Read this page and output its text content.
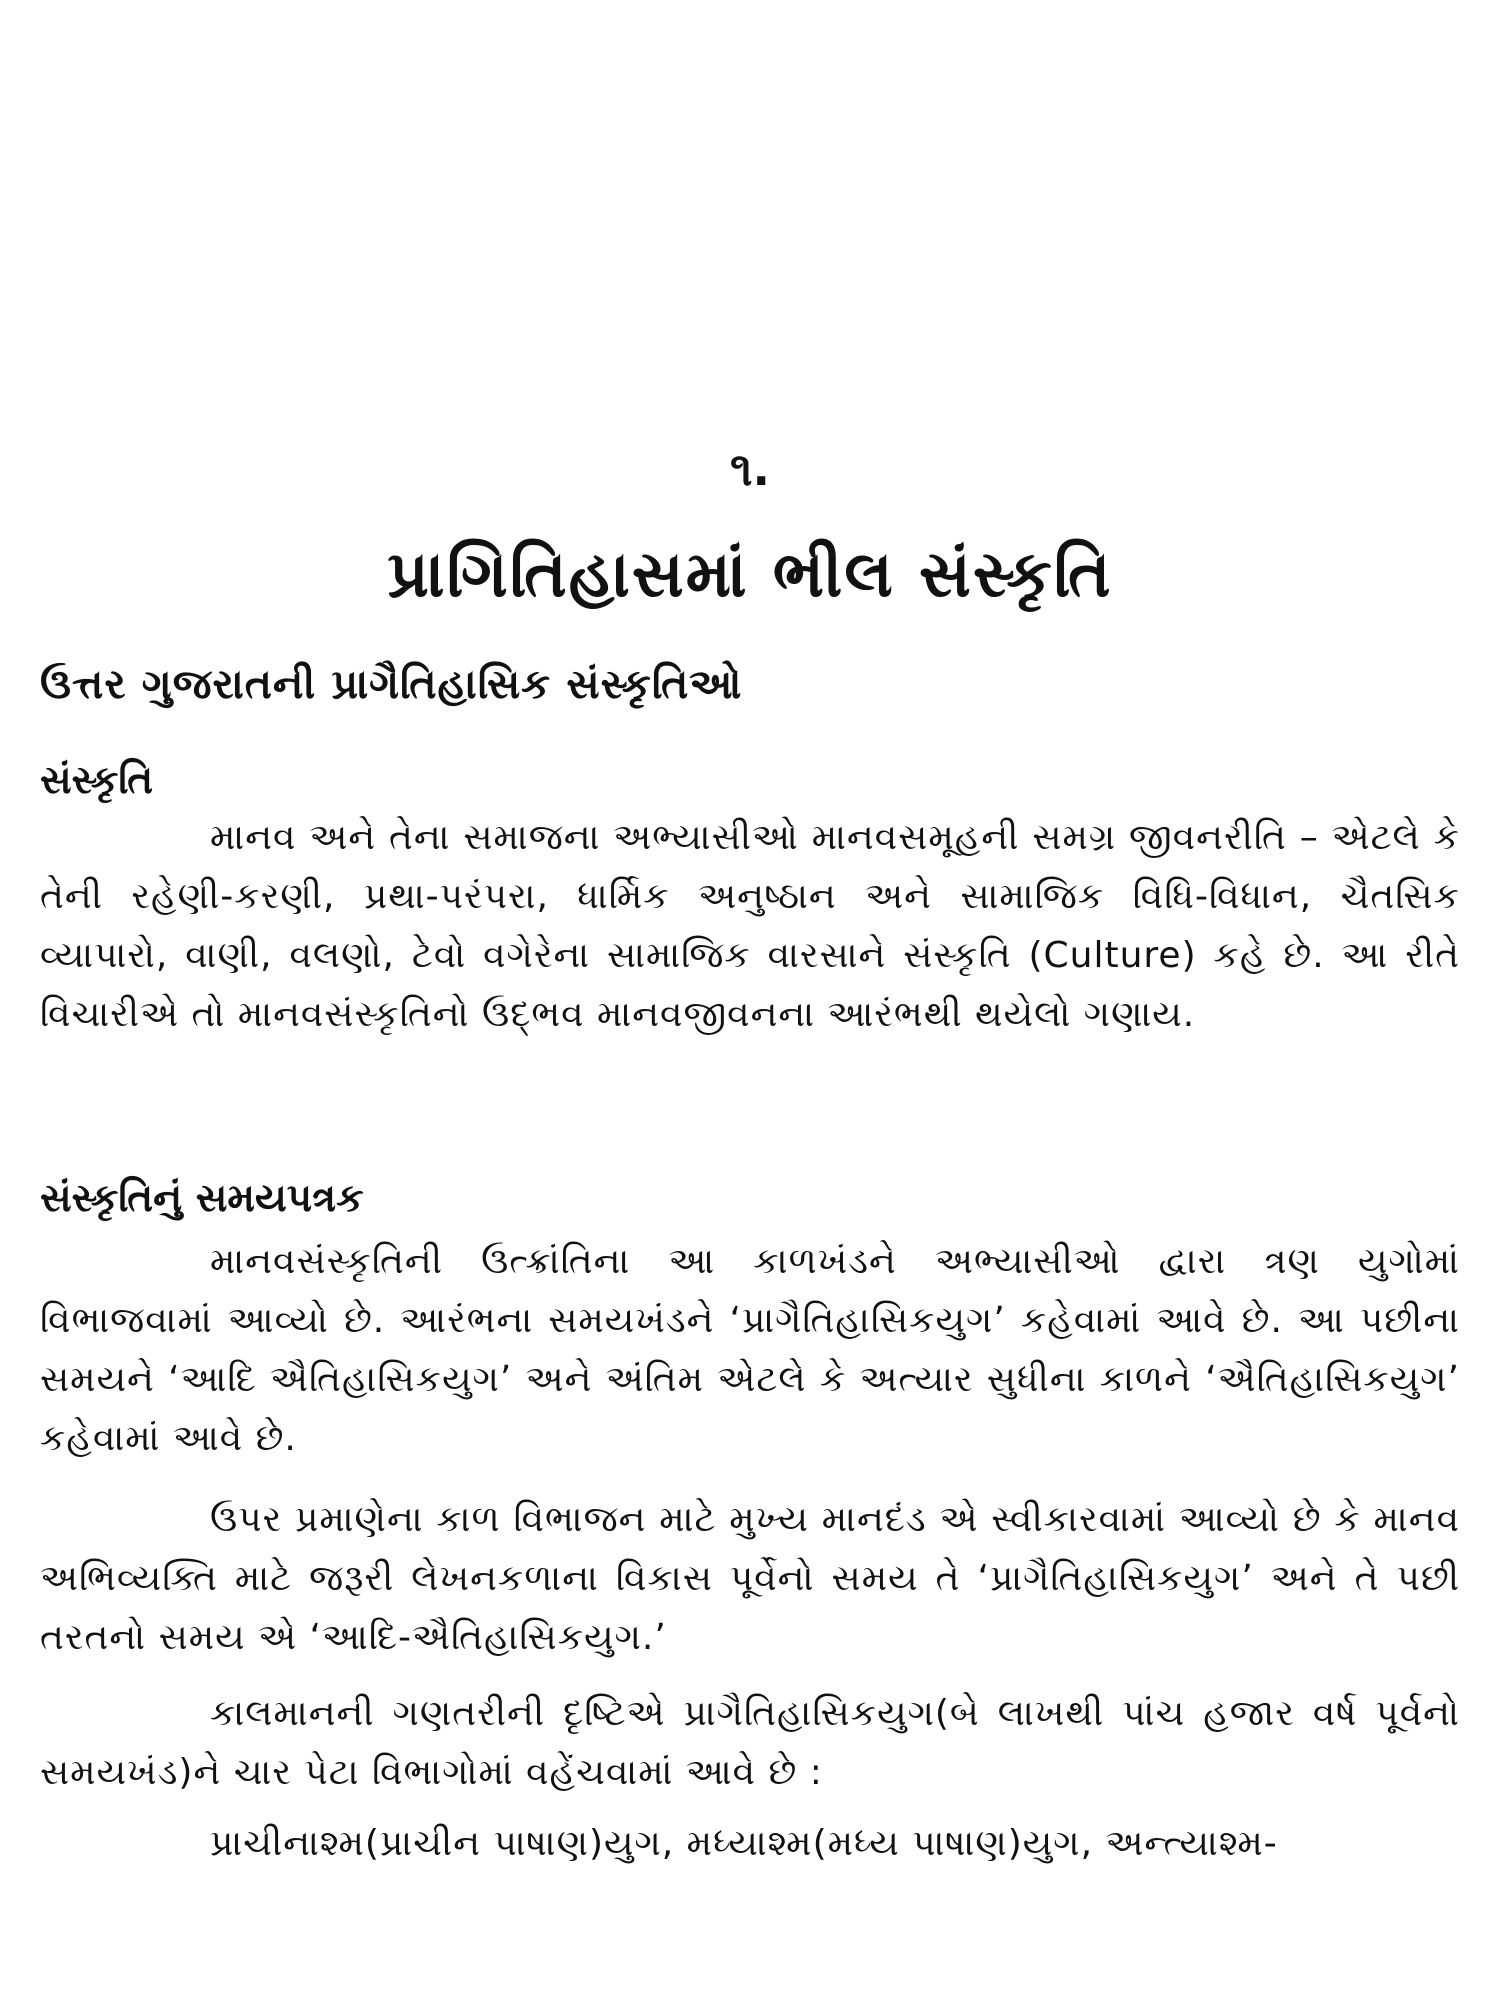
૧.
પ્રાગિતિહાસમાં ભીલ સંસ્કૃતિ
ઉત્તર ગુજરાતની પ્રાગૈતિહાસિક સંસ્કૃતિઓ
સંસ્કૃતિ

માનવ અને તેના સમાજના અભ્યાસીઓ માનવસમૂહની સમગ્ર જીવનરીતિ – એટલે કે તેની રહેણી-કરણી, પ્રથા-પરંપરા, ધાર્મિક અનુષ્ઠાન અને સામાજિક વિધિ-વિધાન, ચૈતસિક વ્યાપારો, વાણી, વલણો, ટેવો વગેરેના સામાજિક વારસાને સંસ્કૃતિ (Culture) કહે છે. આ રીતે વિચારીએ તો માનવસંસ્કૃતિનો ઉદ્‌ભવ માનવજીવનના આરંભથી થયેલો ગણાય.

સંસ્કૃતિનું સમયપત્રક

માનવસંસ્કૃતિની ઉત્ક્રાંતિના આ કાળખંડને અભ્યાસીઓ દ્વારા ત્રણ યુગોમાં વિભાજવામાં આવ્યો છે. આરંભના સમયખંડને ‘પ્રાગૈતિહાસિકયુગ’ કહેવામાં આવે છે. આ પછીના સમયને ‘આદિ ઐતિહાસિકયુગ’ અને અંતિમ એટલે કે અત્યાર સુધીના કાળને ‘ઐતિહાસિકયુગ’ કહેવામાં આવે છે.

ઉપર પ્રમાણેના કાળ વિભાજન માટે મુખ્ય માનદંડ એ સ્વીકારવામાં આવ્યો છે કે માનવ અભિવ્યક્તિ માટે જરૂરી લેખનકળાના વિકાસ પૂર્વેનો સમય તે ‘પ્રાગૈતિહાસિકયુગ’ અને તે પછી તરતનો સમય એ ‘આદિ-ઐતિહાસિકયુગ.’

કાલમાનની ગણતરીની દૃષ્ટિએ પ્રાગૈતિહાસિકયુગ(બે લાખથી પાંચ હજાર વર્ષ પૂર્વનો સમયખંડ)ને ચાર પેટા વિભાગોમાં વહેંચવામાં આવે છે :

પ્રાચીનાશ્મ(પ્રાચીન પાષાણ)યુગ, મધ્યાશ્મ(મધ્ય પાષાણ)યુગ, અન્ત્યાશ્મ-
